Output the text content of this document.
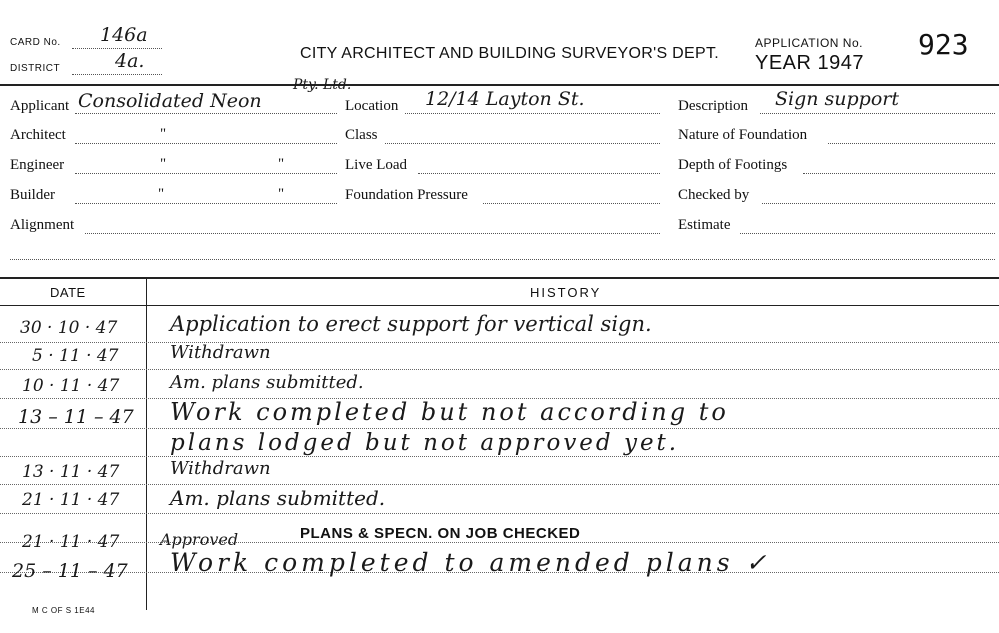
CARD No. 146a
DISTRICT	4a.	CITY ARCHITECT AND BUILDING SURVEYOR'S DEPT.
APPLICATION No. 923
YEAR 1947
Applicant Consolidated Neon
Pty. Ltd.
Architect	"
Engineer	"	"
Builder	"	"
Alignment
Location 12/14 Layton St.
Class
Live Load
Foundation Pressure
Description Sign support
Nature of Foundation
Depth of Footings
Checked by
Estimate
DATE	HISTORY
30 · 10 · 47	Application to erect support for vertical sign.
5 · 11 · 47	Withdrawn
10 · 11 · 47	Am. plans submitted.
13 – 11 – 47 Work completed but not according to
plans lodged but not approved yet.
13 · 11 · 47	Withdrawn
21 · 11 · 47	Am. plans submitted.
21 · 11 · 47	Approved	PLANS & SPECN. ON JOB CHECKED
25 – 11 – 47 Work completed to amended plans ✓
M C OF S 1E44
